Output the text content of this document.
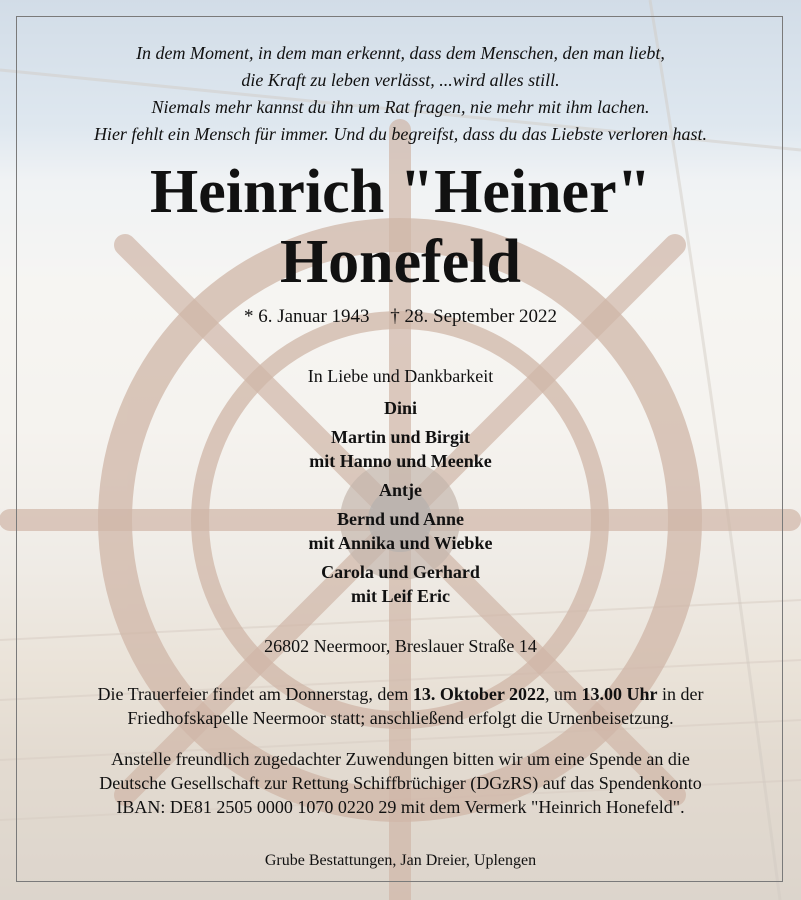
In dem Moment, in dem man erkennt, dass dem Menschen, den man liebt,
die Kraft zu leben verlässt, ...wird alles still.
Niemals mehr kannst du ihn um Rat fragen, nie mehr mit ihm lachen.
Hier fehlt ein Mensch für immer. Und du begreifst, dass du das Liebste verloren hast.
Heinrich "Heiner"
Honefeld
* 6. Januar 1943 † 28. September 2022
In Liebe und Dankbarkeit
Dini
Martin und Birgit
mit Hanno und Meenke
Antje
Bernd und Anne
mit Annika und Wiebke
Carola und Gerhard
mit Leif Eric
26802 Neermoor, Breslauer Straße 14
Die Trauerfeier findet am Donnerstag, dem 13. Oktober 2022, um 13.00 Uhr in der
Friedhofskapelle Neermoor statt; anschließend erfolgt die Urnenbeisetzung.
Anstelle freundlich zugedachter Zuwendungen bitten wir um eine Spende an die
Deutsche Gesellschaft zur Rettung Schiffbrüchiger (DGzRS) auf das Spendenkonto
IBAN: DE81 2505 0000 1070 0220 29 mit dem Vermerk "Heinrich Honefeld".
Grube Bestattungen, Jan Dreier, Uplengen
